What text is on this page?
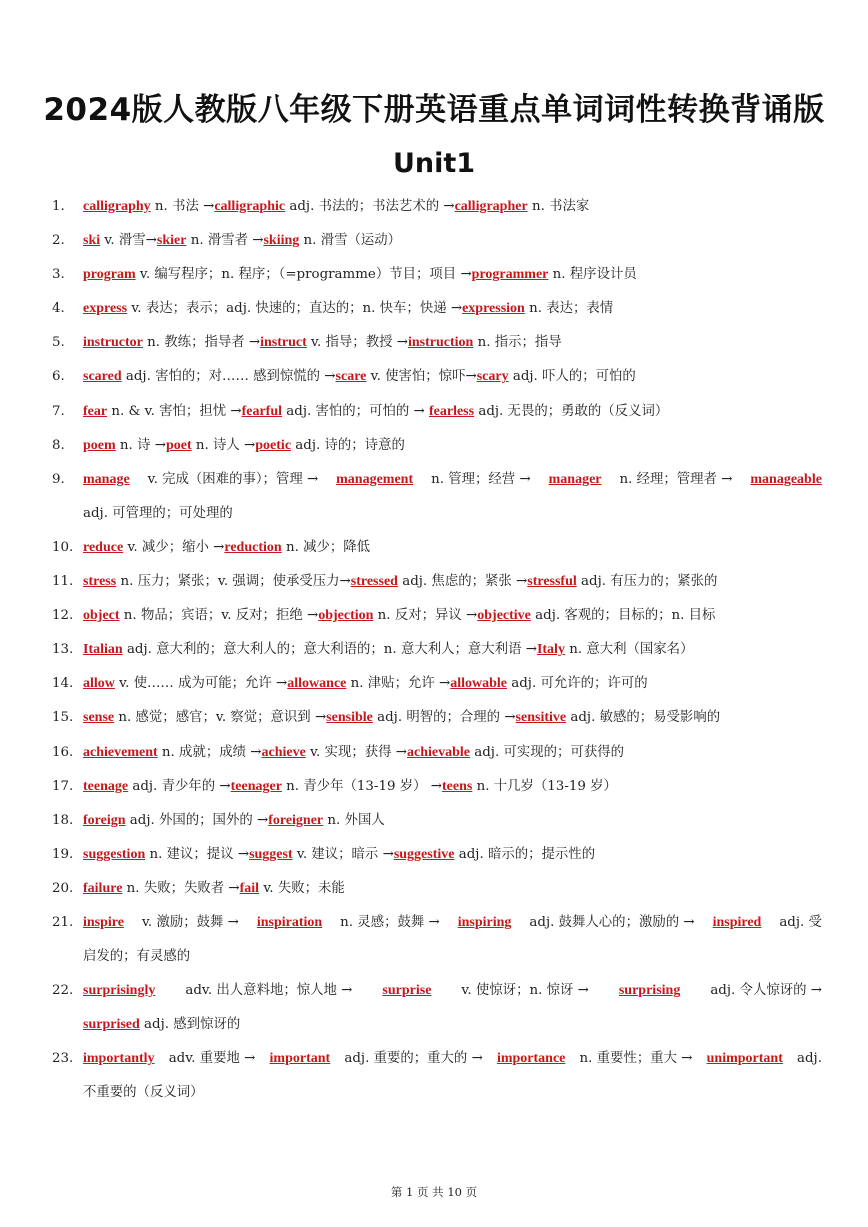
2024版人教版八年级下册英语重点单词词性转换背诵版
Unit1
1.	calligraphy n. 书法 →calligraphic adj. 书法的；书法艺术的 →calligrapher n. 书法家
2.	ski v. 滑雪→skier n. 滑雪者 →skiing n. 滑雪（运动）
3.	program v. 编写程序；n. 程序；（=programme）节目；项目 →programmer n. 程序设计员
4.	express v. 表达；表示；adj. 快速的；直达的；n. 快车；快递 →expression n. 表达；表情
5.	instructor n. 教练；指导者 →instruct v. 指导；教授 →instruction n. 指示；指导
6.	scared adj. 害怕的；对…… 感到惊慌的 →scare v. 使害怕；惊吓→scary adj. 吓人的；可怕的
7.	fear n. & v. 害怕；担忧 →fearful adj. 害怕的；可怕的 → fearless adj. 无畏的；勇敢的（反义词）
8.	poem n. 诗 →poet n. 诗人 →poetic adj. 诗的；诗意的
9.	manage v. 完成（困难的事）；管理 → management n. 管理；经营 → manager n. 经理；管理者 → manageable
adj. 可管理的；可处理的
10. reduce v. 减少；缩小 →reduction n. 减少；降低
11. stress n. 压力；紧张；v. 强调；使承受压力→stressed adj. 焦虑的；紧张 →stressful adj. 有压力的；紧张的
12. object n. 物品；宾语；v. 反对；拒绝 →objection n. 反对；异议 →objective adj. 客观的；目标的；n. 目标
13. Italian adj. 意大利的；意大利人的；意大利语的；n. 意大利人；意大利语 →Italy n. 意大利（国家名）
14. allow v. 使…… 成为可能；允许 →allowance n. 津贴；允许 →allowable adj. 可允许的；许可的
15. sense n. 感觉；感官；v. 察觉；意识到 →sensible adj. 明智的；合理的 →sensitive adj. 敏感的；易受影响的
16. achievement n. 成就；成绩 →achieve v. 实现；获得 →achievable adj. 可实现的；可获得的
17. teenage adj. 青少年的 →teenager n. 青少年（13-19 岁） →teens n. 十几岁（13-19 岁）
18. foreign adj. 外国的；国外的 →foreigner n. 外国人
19. suggestion n. 建议；提议 →suggest v. 建议；暗示 →suggestive adj. 暗示的；提示性的
20. failure n. 失败；失败者 →fail v. 失败；未能
21. inspire v. 激励；鼓舞 → inspiration n. 灵感；鼓舞 → inspiring adj. 鼓舞人心的；激励的 → inspired adj. 受
启发的；有灵感的
22. surprisingly adv. 出人意料地；惊人地 → surprise v. 使惊讶；n. 惊讶 → surprising adj. 令人惊讶的 →
surprised adj. 感到惊讶的
23. importantly adv. 重要地 → important adj. 重要的；重大的 → importance n. 重要性；重大 → unimportant adj.
不重要的（反义词）
第 1 页 共 10 页
